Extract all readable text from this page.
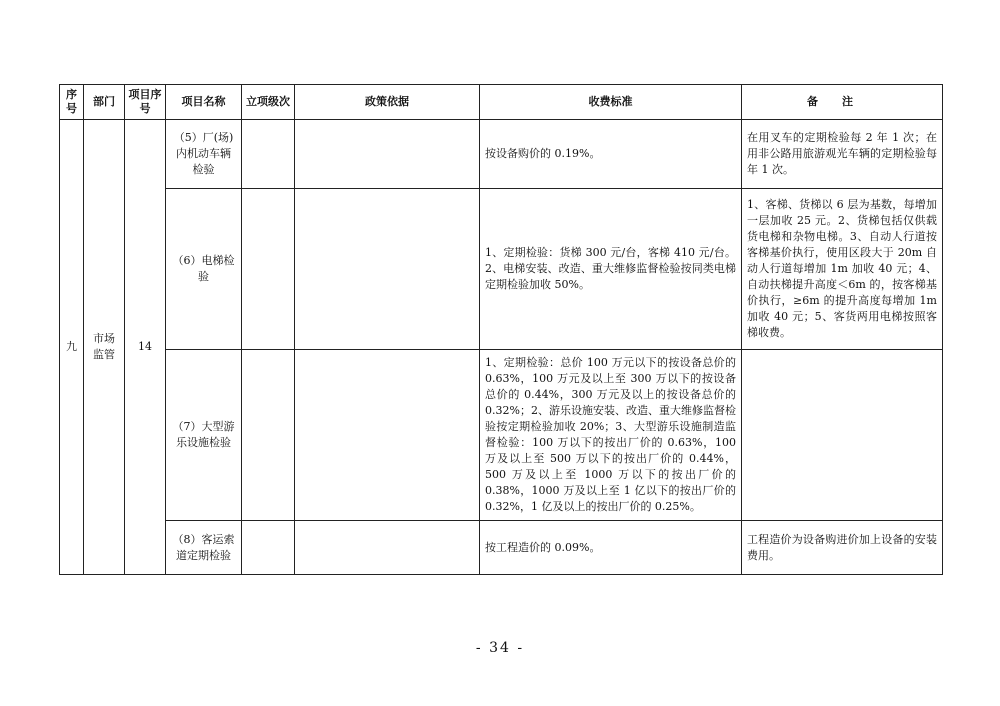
序号	部门	项目序号	项目名称	立项级次	政策依据	收费标准	备注
九	市场监管	14	（5）厂(场)内机动车辆检验			按设备购价的 0.19%。	在用叉车的定期检验每 2 年 1 次；在用非公路用旅游观光车辆的定期检验每年 1 次。
			（6）电梯检验			1、定期检验：货梯 300 元/台，客梯 410 元/台。2、电梯安装、改造、重大维修监督检验按同类电梯定期检验加收 50%。	1、客梯、货梯以 6 层为基数，每增加一层加收 25 元。2、货梯包括仅供载货电梯和杂物电梯。3、自动人行道按客梯基价执行，使用区段大于 20m 自动人行道每增加 1m 加收 40 元；4、自动扶梯提升高度＜6m 的，按客梯基价执行，≥6m 的提升高度每增加 1m 加收 40 元；5、客货两用电梯按照客梯收费。
			（7）大型游乐设施检验			1、定期检验：总价 100 万元以下的按设备总价的 0.63%，100 万元及以上至 300 万以下的按设备总价的 0.44%，300 万元及以上的按设备总价的 0.32%；2、游乐设施安装、改造、重大维修监督检验按定期检验加收 20%；3、大型游乐设施制造监督检验：100 万以下的按出厂价的 0.63%，100 万及以上至 500 万以下的按出厂价的 0.44%，500 万及以上至 1000 万以下的按出厂价的 0.38%，1000 万及以上至 1 亿以下的按出厂价的 0.32%，1 亿及以上的按出厂价的 0.25%。	
			（8）客运索道定期检验			按工程造价的 0.09%。	工程造价为设备购进价加上设备的安装费用。
- 34 -
